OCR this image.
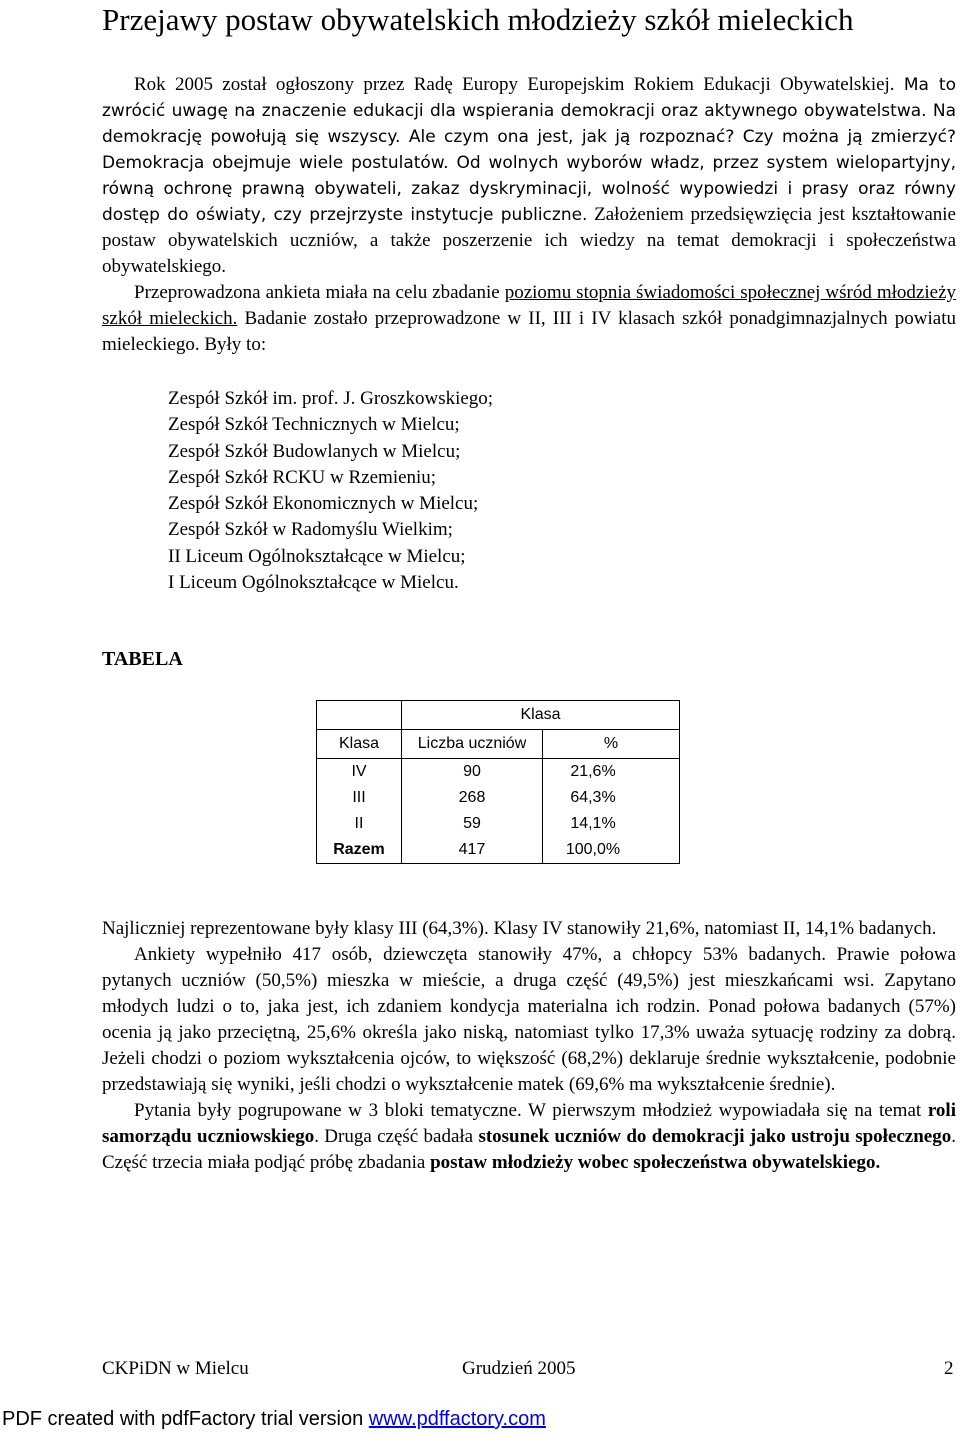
Przejawy postaw obywatelskich młodzieży szkół mieleckich

Rok 2005 został ogłoszony przez Radę Europy Europejskim Rokiem Edukacji Obywatelskiej. Ma to zwrócić uwagę na znaczenie edukacji dla wspierania demokracji oraz aktywnego obywatelstwa. Na demokrację powołują się wszyscy. Ale czym ona jest, jak ją rozpoznać? Czy można ją zmierzyć? Demokracja obejmuje wiele postulatów. Od wolnych wyborów władz, przez system wielopartyjny, równą ochronę prawną obywateli, zakaz dyskryminacji, wolność wypowiedzi i prasy oraz równy dostęp do oświaty, czy przejrzyste instytucje publiczne. Założeniem przedsięwzięcia jest kształtowanie postaw obywatelskich uczniów, a także poszerzenie ich wiedzy na temat demokracji i społeczeństwa obywatelskiego.

Przeprowadzona ankieta miała na celu zbadanie poziomu stopnia świadomości społecznej wśród młodzieży szkół mieleckich. Badanie zostało przeprowadzone w II, III i IV klasach szkół ponadgimnazjalnych powiatu mieleckiego. Były to:

Zespół Szkół im. prof. J. Groszkowskiego;
Zespół Szkół Technicznych w Mielcu;
Zespół Szkół Budowlanych w Mielcu;
Zespół Szkół RCKU w Rzemieniu;
Zespół Szkół Ekonomicznych w Mielcu;
Zespół Szkół w Radomyślu Wielkim;
II Liceum Ogólnokształcące w Mielcu;
I Liceum Ogólnokształcące w Mielcu.
TABELA
	Klasa	
Klasa	Liczba uczniów	%
IV	90	21,6%
III	268	64,3%
II	59	14,1%
Razem	417	100,0%

Najliczniej reprezentowane były klasy III (64,3%). Klasy IV stanowiły 21,6%, natomiast II, 14,1% badanych.

Ankiety wypełniło 417 osób, dziewczęta stanowiły 47%, a chłopcy 53% badanych. Prawie połowa pytanych uczniów (50,5%) mieszka w mieście, a druga część (49,5%) jest mieszkańcami wsi. Zapytano młodych ludzi o to, jaka jest, ich zdaniem kondycja materialna ich rodzin. Ponad połowa badanych (57%) ocenia ją jako przeciętną, 25,6% określa jako niską, natomiast tylko 17,3% uważa sytuację rodziny za dobrą. Jeżeli chodzi o poziom wykształcenia ojców, to większość (68,2%) deklaruje średnie wykształcenie, podobnie przedstawiają się wyniki, jeśli chodzi o wykształcenie matek (69,6% ma wykształcenie średnie).

Pytania były pogrupowane w 3 bloki tematyczne. W pierwszym młodzież wypowiadała się na temat roli samorządu uczniowskiego. Druga część badała stosunek uczniów do demokracji jako ustroju społecznego. Część trzecia miała podjąć próbę zbadania postaw młodzieży wobec społeczeństwa obywatelskiego.

CKPiDN w Mielcu	Grudzień 2005	2
PDF created with pdfFactory trial version www.pdffactory.com
